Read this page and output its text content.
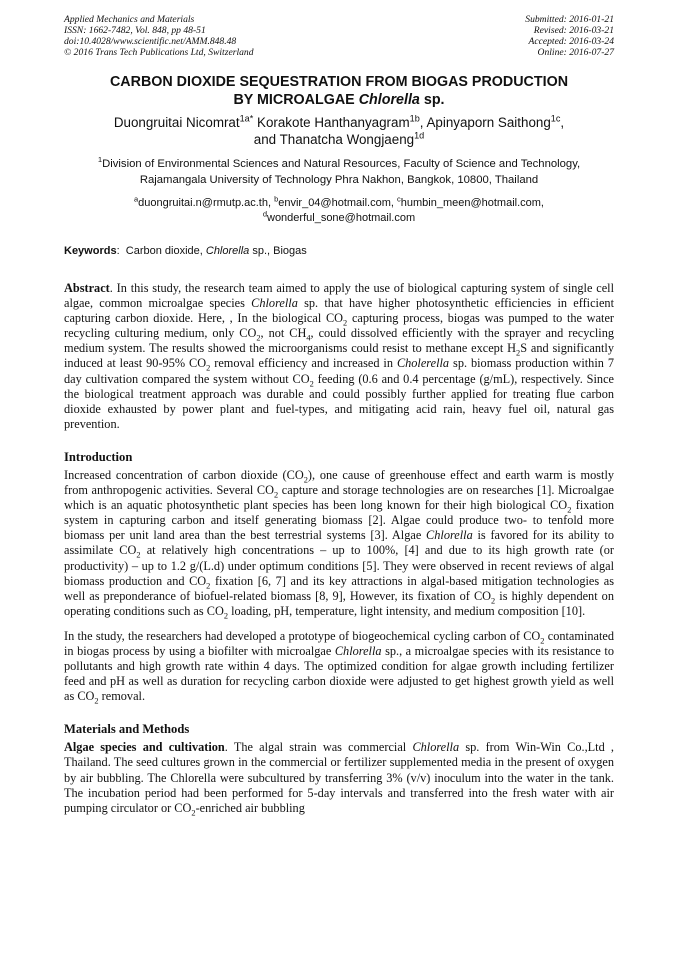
Applied Mechanics and Materials
ISSN: 1662-7482, Vol. 848, pp 48-51
doi:10.4028/www.scientific.net/AMM.848.48
© 2016 Trans Tech Publications Ltd, Switzerland
Submitted: 2016-01-21
Revised: 2016-03-21
Accepted: 2016-03-24
Online: 2016-07-27
CARBON DIOXIDE SEQUESTRATION FROM BIOGAS PRODUCTION
BY MICROALGAE Chlorella sp.
Duongruitai Nicomrat$^{1a*}$ Korakote Hanthanyagram$^{1b}$, Apinyaporn Saithong$^{1c}$,
and Thanatcha Wongjaeng$^{1d}$
$^1$Division of Environmental Sciences and Natural Resources, Faculty of Science and Technology,
Rajamangala University of Technology Phra Nakhon, Bangkok, 10800, Thailand
$^a$duongruitai.n@rmutp.ac.th, $^b$envir_04@hotmail.com, $^c$humbin_meen@hotmail.com,
$^d$wonderful_sone@hotmail.com
Keywords: Carbon dioxide, Chlorella sp., Biogas

Abstract. In this study, the research team aimed to apply the use of biological capturing system of single cell algae, common microalgae species Chlorella sp. that have higher photosynthetic efficiencies in efficient capturing carbon dioxide. Here, , In the biological $CO_2$ capturing process, biogas was pumped to the water recycling culturing medium, only $CO_2$, not $CH_4$, could dissolved efficiently with the sprayer and recycling medium system. The results showed the microorganisms could resist to methane except $H_2S$ and significantly induced at least 90-95% $CO_2$ removal efficiency and increased in Cholerella sp. biomass production within 7 day cultivation compared the system without $CO_2$ feeding (0.6 and 0.4 percentage (g/mL), respectively. Since the biological treatment approach was durable and could possibly further applied for treating flue carbon dioxide exhausted by power plant and fuel-types, and mitigating acid rain, heavy fuel oil, natural gas prevention.

Introduction

Increased concentration of carbon dioxide $(CO_2)$, one cause of greenhouse effect and earth warm is mostly from anthropogenic activities. Several $CO_2$ capture and storage technologies are on researches [1]. Microalgae which is an aquatic photosynthetic plant species has been long known for their high biological $CO_2$ fixation system in capturing carbon and itself generating biomass [2]. Algae could produce two- to tenfold more biomass per unit land area than the best terrestrial systems [3]. Algae Chlorella is favored for its ability to assimilate $CO_2$ at relatively high concentrations – up to 100%, [4] and due to its high growth rate (or productivity) – up to 1.2 g/(L.d) under optimum conditions [5]. They were observed in recent reviews of algal biomass production and $CO_2$ fixation [6, 7] and its key attractions in algal-based mitigation technologies as well as preponderance of biofuel-related biomass [8, 9], However, its fixation of $CO_2$ is highly dependent on operating conditions such as $CO_2$ loading, pH, temperature, light intensity, and medium composition [10].

In the study, the researchers had developed a prototype of biogeochemical cycling carbon of $CO_2$ contaminated in biogas process by using a biofilter with microalgae Chlorella sp., a microalgae species with its resistance to pollutants and high growth rate within 4 days. The optimized condition for algae growth including fertilizer feed and pH as well as duration for recycling carbon dioxide were adjusted to get highest growth yield as well as $CO_2$ removal.

Materials and Methods

Algae species and cultivation. The algal strain was commercial Chlorella sp. from Win-Win Co.,Ltd , Thailand. The seed cultures grown in the commercial or fertilizer supplemented media in the present of oxygen by air bubbling. The Chlorella were subcultured by transferring 3% (v/v) inoculum into the water in the tank. The incubation period had been performed for 5-day intervals and transferred into the fresh water with air pumping circulator or $CO_2$-enriched air bubbling
